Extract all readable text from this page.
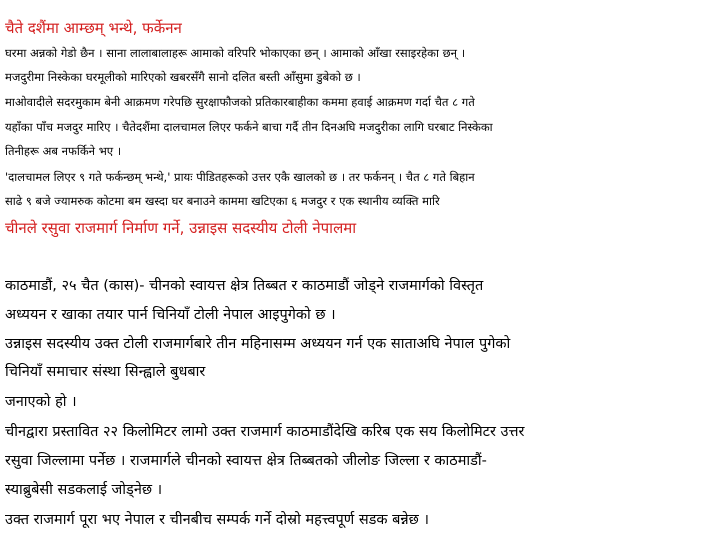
चैते दशैंमा आम्छम् भन्थे, फर्केनन
घरमा अन्नको गेडो छैन । साना लालाबालाहरू आमाको वरिपरि भोकाएका छन् । आमाको आँखा रसाइरहेका छन् ।
मजदुरीमा निस्केका घरमूलीको मारिएको खबरसँगै सानो दलित बस्ती आँसुमा डुबेको छ ।
माओवादीले सदरमुकाम बेनी आक्रमण गरेपछि सुरक्षाफौजको प्रतिकारबाहीका कममा हवाई आक्रमण गर्दा चैत ८ गते
यहाँका पाँच मजदुर मारिए । चैतेदशैंमा दालचामल लिएर फर्कने बाचा गर्दै तीन दिनअघि मजदुरीका लागि घरबाट निस्केका
तिनीहरू अब नफर्किने भए ।
'दालचामल लिएर ९ गते फर्कन्छम् भन्थे,' प्रायः पीडितहरूको उत्तर एकै खालको छ । तर फर्कनन् । चैत ८ गते बिहान
साढे ९ बजे ज्यामरुक कोटमा बम खस्दा घर बनाउने काममा खटिएका ६ मजदुर र एक स्थानीय व्यक्ति मारि
चीनले रसुवा राजमार्ग निर्माण गर्ने, उन्नाइस सदस्यीय टोली नेपालमा
काठमाडौं, २५ चैत (कास)- चीनको स्वायत्त क्षेत्र तिब्बत र काठमाडौं जोड्ने राजमार्गको विस्तृत
अध्ययन र खाका तयार पार्न चिनियाँ टोली नेपाल आइपुगेको छ ।
उन्नाइस सदस्यीय उक्त टोली राजमार्गबारे तीन महिनासम्म अध्ययन गर्न एक साताअघि नेपाल पुगेको
चिनियाँ समाचार संस्था सिन्ह्वाले बुधबार
जनाएको हो ।
चीनद्वारा प्रस्तावित २२ किलोमिटर लामो उक्त राजमार्ग काठमाडौंदेखि करिब एक सय किलोमिटर उत्तर
रसुवा जिल्लामा पर्नेछ । राजमार्गले चीनको स्वायत्त क्षेत्र तिब्बतको जीलोङ जिल्ला र काठमाडौं-
स्याब्रुबेसी सडकलाई जोड्नेछ ।
उक्त राजमार्ग पूरा भए नेपाल र चीनबीच सम्पर्क गर्ने दोस्रो महत्त्वपूर्ण सडक बन्नेछ ।
